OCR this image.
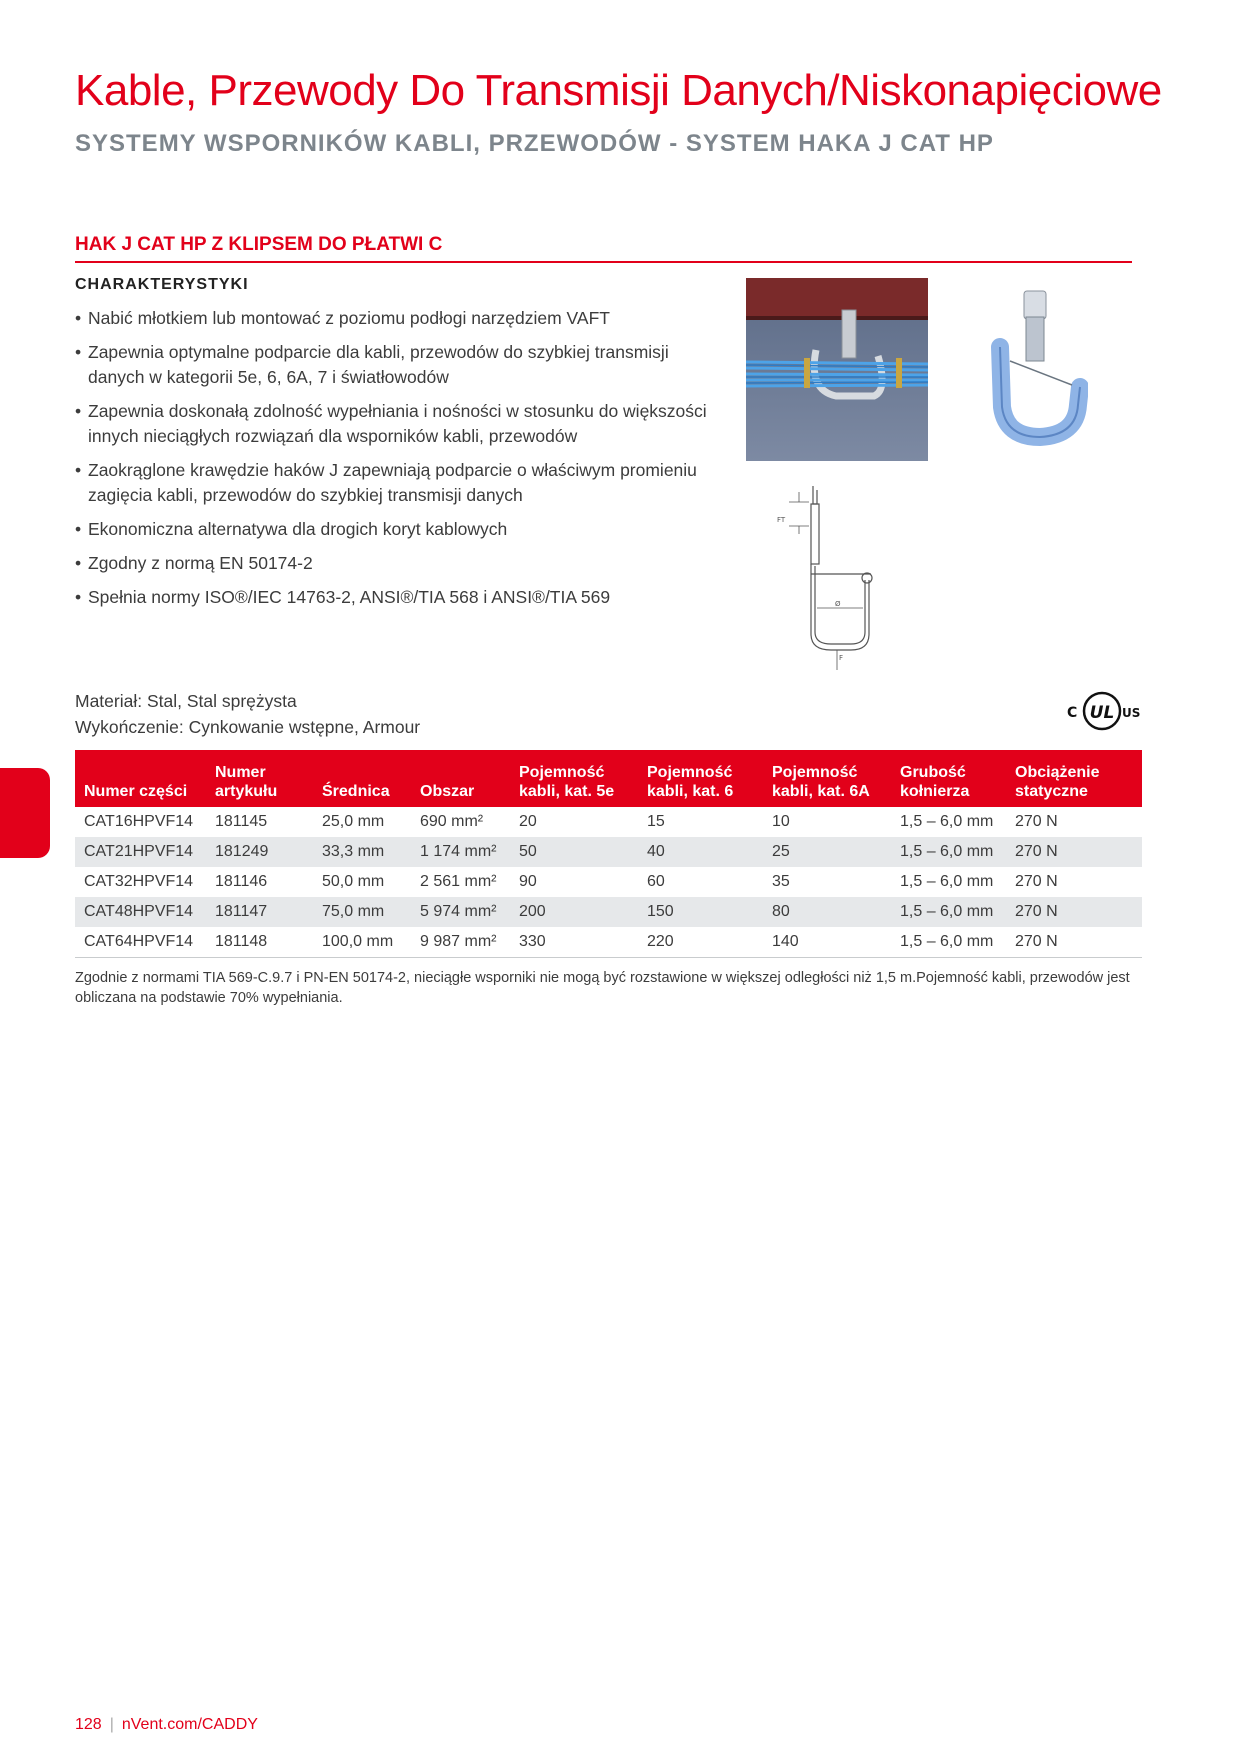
Kable, Przewody Do Transmisji Danych/Niskonapięciowe
SYSTEMY WSPORNIKÓW KABLI, PRZEWODÓW - SYSTEM HAKA J CAT HP
HAK J CAT HP Z KLIPSEM DO PŁATWI C
CHARAKTERYSTYKI
• Nabić młotkiem lub montować z poziomu podłogi narzędziem VAFT
• Zapewnia optymalne podparcie dla kabli, przewodów do szybkiej transmisji danych w kategorii 5e, 6, 6A, 7 i światłowodów
• Zapewnia doskonałą zdolność wypełniania i nośności w stosunku do większości innych nieciągłych rozwiązań dla wsporników kabli, przewodów
• Zaokrąglone krawędzie haków J zapewniają podparcie o właściwym promieniu zagięcia kabli, przewodów do szybkiej transmisji danych
• Ekonomiczna alternatywa dla drogich koryt kablowych
• Zgodny z normą EN 50174-2
• Spełnia normy ISO®/IEC 14763-2, ANSI®/TIA 568 i ANSI®/TIA 569
FT
Ø
F
Materiał: Stal, Stal sprężysta
Wykończenie: Cynkowanie wstępne, Armour
UL
C	US
Numer części	Numer artykułu	Średnica	Obszar	Pojemność kabli, kat. 5e	Pojemność kabli, kat. 6	Pojemność kabli, kat. 6A	Grubość kołnierza	Obciążenie statyczne
CAT16HPVF14	181145	25,0 mm	690 mm²	20	15	10	1,5 – 6,0 mm	270 N
CAT21HPVF14	181249	33,3 mm	1 174 mm²	50	40	25	1,5 – 6,0 mm	270 N
CAT32HPVF14	181146	50,0 mm	2 561 mm²	90	60	35	1,5 – 6,0 mm	270 N
CAT48HPVF14	181147	75,0 mm	5 974 mm²	200	150	80	1,5 – 6,0 mm	270 N
CAT64HPVF14	181148	100,0 mm	9 987 mm²	330	220	140	1,5 – 6,0 mm	270 N
Zgodnie z normami TIA 569-C.9.7 i PN-EN 50174-2, nieciągłe wsporniki nie mogą być rozstawione w większej odległości niż 1,5 m.Pojemność kabli, przewodów jest obliczana na podstawie 70% wypełniania.
128 | nVent.com/CADDY
